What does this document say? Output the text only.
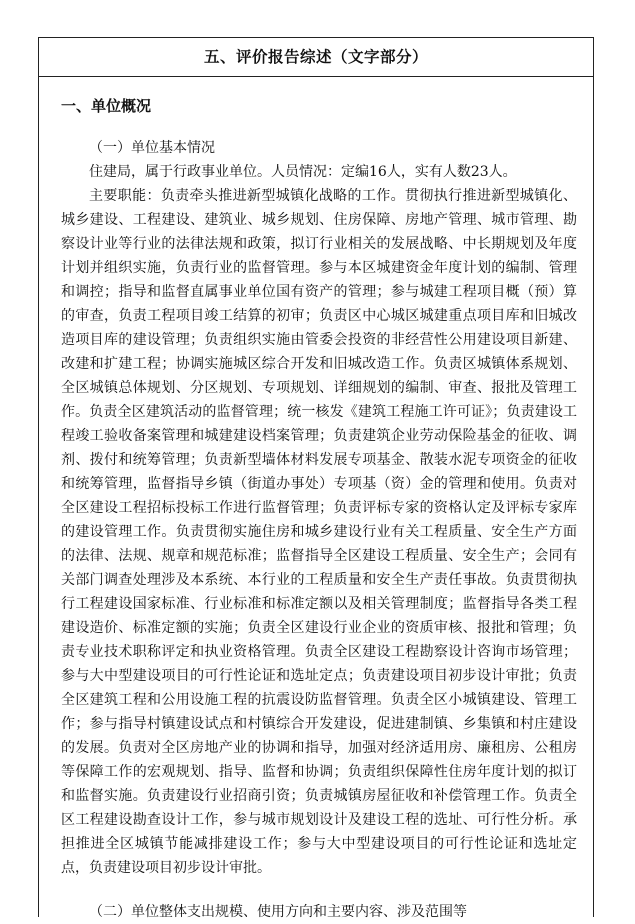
五、评价报告综述（文字部分）
一、单位概况
（一）单位基本情况

住建局，属于行政事业单位。人员情况：定编16人，实有人数23人。

主要职能：负责牵头推进新型城镇化战略的工作。贯彻执行推进新型城镇化、城乡建设、工程建设、建筑业、城乡规划、住房保障、房地产管理、城市管理、勘察设计业等行业的法律法规和政策，拟订行业相关的发展战略、中长期规划及年度计划并组织实施，负责行业的监督管理。参与本区城建资金年度计划的编制、管理和调控；指导和监督直属事业单位国有资产的管理；参与城建工程项目概（预）算的审查，负责工程项目竣工结算的初审；负责区中心城区城建重点项目库和旧城改造项目库的建设管理；负责组织实施由管委会投资的非经营性公用建设项目新建、改建和扩建工程；协调实施城区综合开发和旧城改造工作。负责区城镇体系规划、全区城镇总体规划、分区规划、专项规划、详细规划的编制、审查、报批及管理工作。负责全区建筑活动的监督管理；统一核发《建筑工程施工许可证》；负责建设工程竣工验收备案管理和城建建设档案管理；负责建筑企业劳动保险基金的征收、调剂、拨付和统筹管理；负责新型墙体材料发展专项基金、散装水泥专项资金的征收和统筹管理，监督指导乡镇（街道办事处）专项基（资）金的管理和使用。负责对全区建设工程招标投标工作进行监督管理；负责评标专家的资格认定及评标专家库的建设管理工作。负责贯彻实施住房和城乡建设行业有关工程质量、安全生产方面的法律、法规、规章和规范标准；监督指导全区建设工程质量、安全生产；会同有关部门调查处理涉及本系统、本行业的工程质量和安全生产责任事故。负责贯彻执行工程建设国家标准、行业标准和标准定额以及相关管理制度；监督指导各类工程建设造价、标准定额的实施；负责全区建设行业企业的资质审核、报批和管理；负责专业技术职称评定和执业资格管理。负责全区建设工程勘察设计咨询市场管理；参与大中型建设项目的可行性论证和选址定点；负责建设项目初步设计审批；负责全区建筑工程和公用设施工程的抗震设防监督管理。负责全区小城镇建设、管理工作；参与指导村镇建设试点和村镇综合开发建设，促进建制镇、乡集镇和村庄建设的发展。负责对全区房地产业的协调和指导，加强对经济适用房、廉租房、公租房等保障工作的宏观规划、指导、监督和协调；负责组织保障性住房年度计划的拟订和监督实施。负责建设行业招商引资；负责城镇房屋征收和补偿管理工作。负责全区工程建设勘查设计工作，参与城市规划设计及建设工程的选址、可行性分析。承担推进全区城镇节能减排建设工作；参与大中型建设项目的可行性论证和选址定点，负责建设项目初步设计审批。

（二）单位整体支出规模、使用方向和主要内容、涉及范围等
